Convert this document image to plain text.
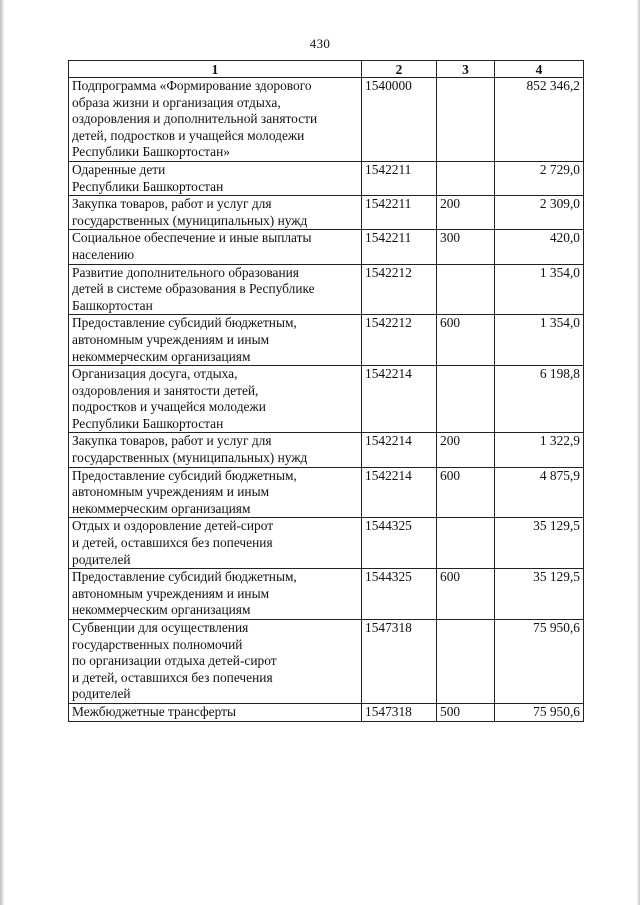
430
1	2	3	4
Подпрограмма «Формирование здорового
образа жизни и организация отдыха,
оздоровления и дополнительной занятости
детей, подростков и учащейся молодежи
Республики Башкортостан»	1540000		852 346,2
Одаренные дети
Республики Башкортостан	1542211		2 729,0
Закупка товаров, работ и услуг для
государственных (муниципальных) нужд	1542211	200	2 309,0
Социальное обеспечение и иные выплаты
населению	1542211	300	420,0
Развитие дополнительного образования
детей в системе образования в Республике
Башкортостан	1542212		1 354,0
Предоставление субсидий бюджетным,
автономным учреждениям и иным
некоммерческим организациям	1542212	600	1 354,0
Организация досуга, отдыха,
оздоровления и занятости детей,
подростков и учащейся молодежи
Республики Башкортостан	1542214		6 198,8
Закупка товаров, работ и услуг для
государственных (муниципальных) нужд	1542214	200	1 322,9
Предоставление субсидий бюджетным,
автономным учреждениям и иным
некоммерческим организациям	1542214	600	4 875,9
Отдых и оздоровление детей-сирот
и детей, оставшихся без попечения
родителей	1544325		35 129,5
Предоставление субсидий бюджетным,
автономным учреждениям и иным
некоммерческим организациям	1544325	600	35 129,5
Субвенции для осуществления
государственных полномочий
по организации отдыха детей-сирот
и детей, оставшихся без попечения
родителей	1547318		75 950,6
Межбюджетные трансферты	1547318	500	75 950,6
